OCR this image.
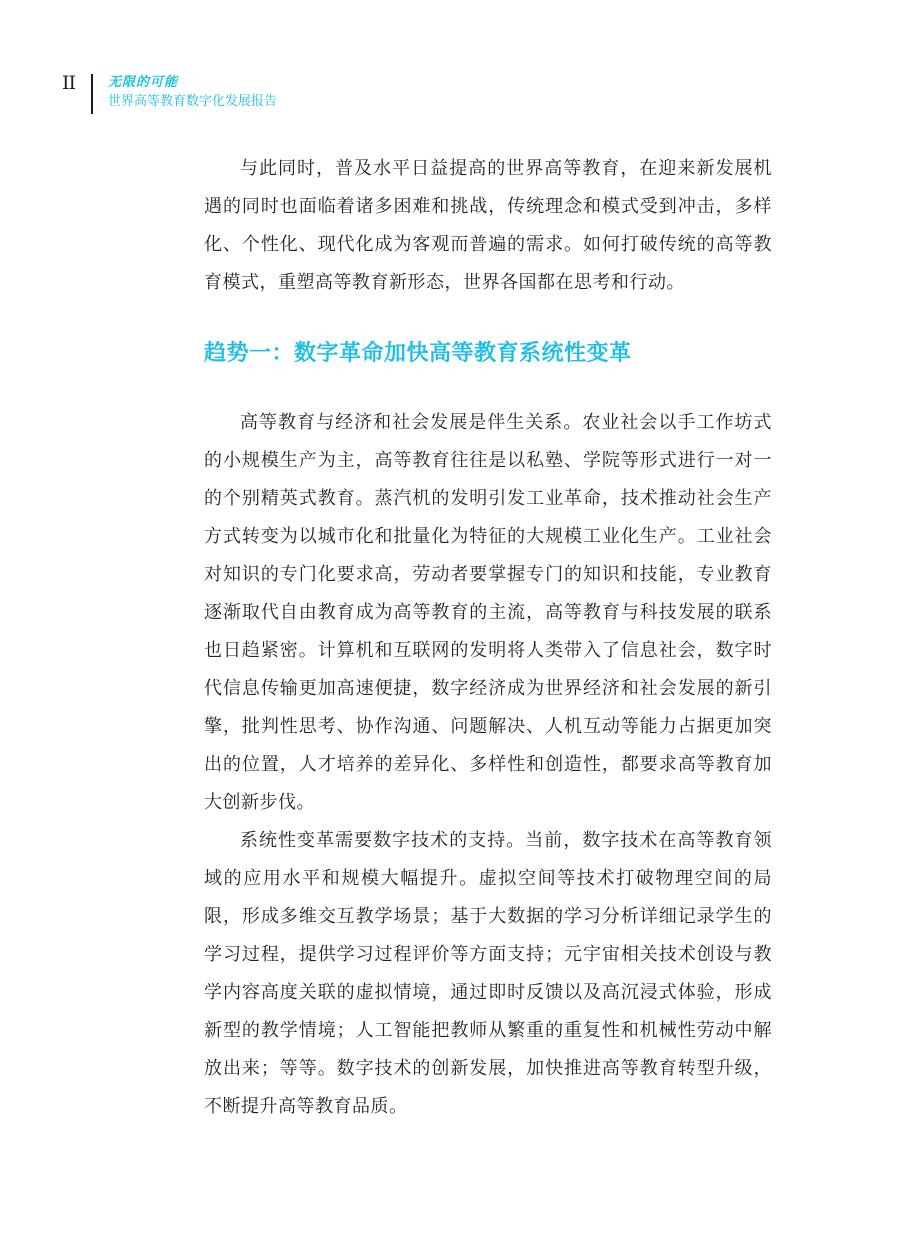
II	无限的可能
世界高等教育数字化发展报告

与此同时，普及水平日益提高的世界高等教育，在迎来新发展机遇的同时也面临着诸多困难和挑战，传统理念和模式受到冲击，多样化、个性化、现代化成为客观而普遍的需求。如何打破传统的高等教育模式，重塑高等教育新形态，世界各国都在思考和行动。

趋势一：数字革命加快高等教育系统性变革

高等教育与经济和社会发展是伴生关系。农业社会以手工作坊式的小规模生产为主，高等教育往往是以私塾、学院等形式进行一对一的个别精英式教育。蒸汽机的发明引发工业革命，技术推动社会生产方式转变为以城市化和批量化为特征的大规模工业化生产。工业社会对知识的专门化要求高，劳动者要掌握专门的知识和技能，专业教育逐渐取代自由教育成为高等教育的主流，高等教育与科技发展的联系也日趋紧密。计算机和互联网的发明将人类带入了信息社会，数字时代信息传输更加高速便捷，数字经济成为世界经济和社会发展的新引擎，批判性思考、协作沟通、问题解决、人机互动等能力占据更加突出的位置，人才培养的差异化、多样性和创造性，都要求高等教育加大创新步伐。

系统性变革需要数字技术的支持。当前，数字技术在高等教育领域的应用水平和规模大幅提升。虚拟空间等技术打破物理空间的局限，形成多维交互教学场景；基于大数据的学习分析详细记录学生的学习过程，提供学习过程评价等方面支持；元宇宙相关技术创设与教学内容高度关联的虚拟情境，通过即时反馈以及高沉浸式体验，形成新型的教学情境；人工智能把教师从繁重的重复性和机械性劳动中解放出来；等等。数字技术的创新发展，加快推进高等教育转型升级，不断提升高等教育品质。
